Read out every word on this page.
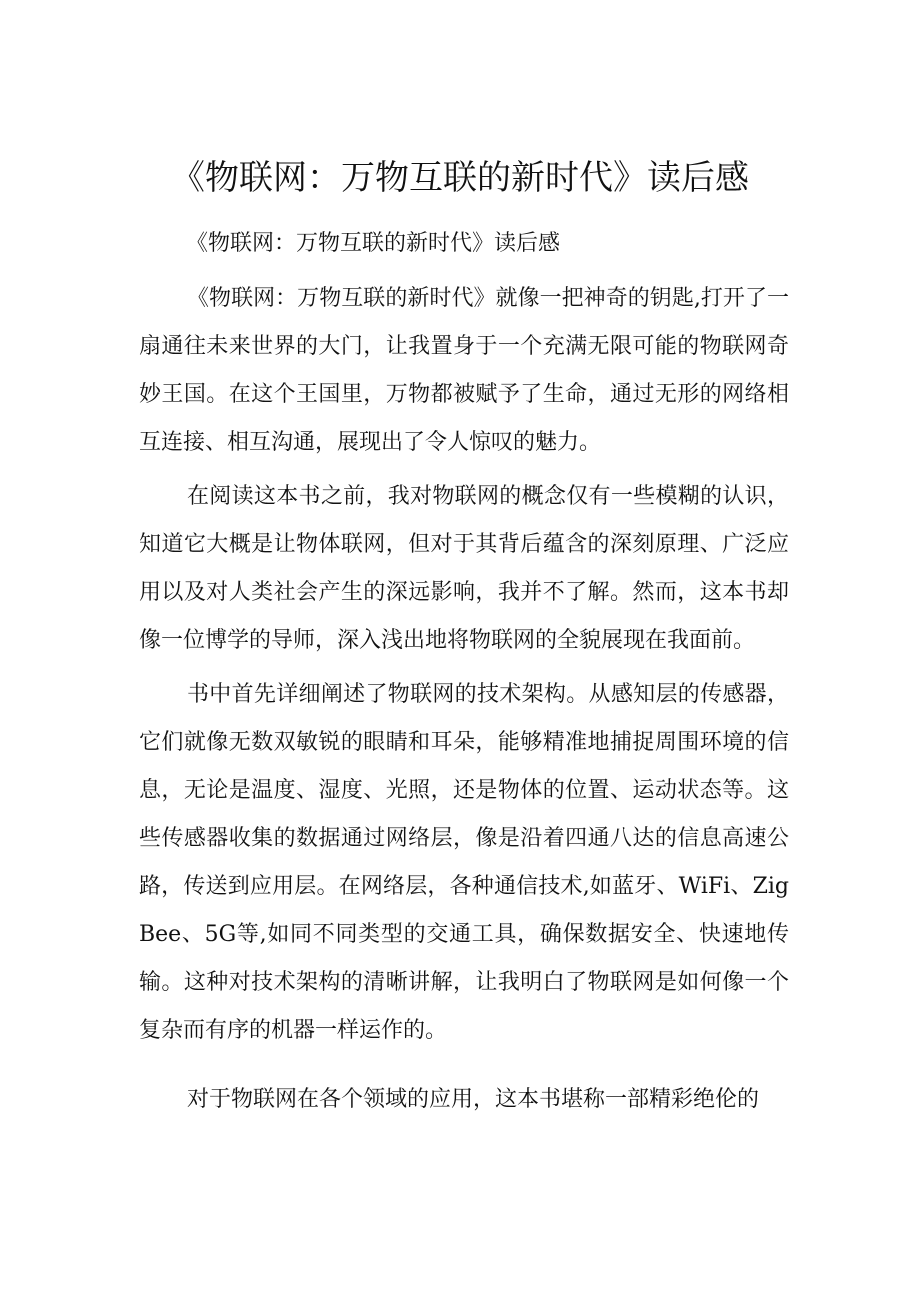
《物联网：万物互联的新时代》读后感
《物联网：万物互联的新时代》读后感

《物联网：万物互联的新时代》就像一把神奇的钥匙,打开了一扇通往未来世界的大门，让我置身于一个充满无限可能的物联网奇妙王国。在这个王国里，万物都被赋予了生命，通过无形的网络相互连接、相互沟通，展现出了令人惊叹的魅力。

在阅读这本书之前，我对物联网的概念仅有一些模糊的认识，知道它大概是让物体联网，但对于其背后蕴含的深刻原理、广泛应用以及对人类社会产生的深远影响，我并不了解。然而，这本书却像一位博学的导师，深入浅出地将物联网的全貌展现在我面前。

书中首先详细阐述了物联网的技术架构。从感知层的传感器，它们就像无数双敏锐的眼睛和耳朵，能够精准地捕捉周围环境的信息，无论是温度、湿度、光照，还是物体的位置、运动状态等。这些传感器收集的数据通过网络层，像是沿着四通八达的信息高速公路，传送到应用层。在网络层，各种通信技术,如蓝牙、WiFi、ZigBee、5G等,如同不同类型的交通工具，确保数据安全、快速地传输。这种对技术架构的清晰讲解，让我明白了物联网是如何像一个复杂而有序的机器一样运作的。

对于物联网在各个领域的应用，这本书堪称一部精彩绝伦的
